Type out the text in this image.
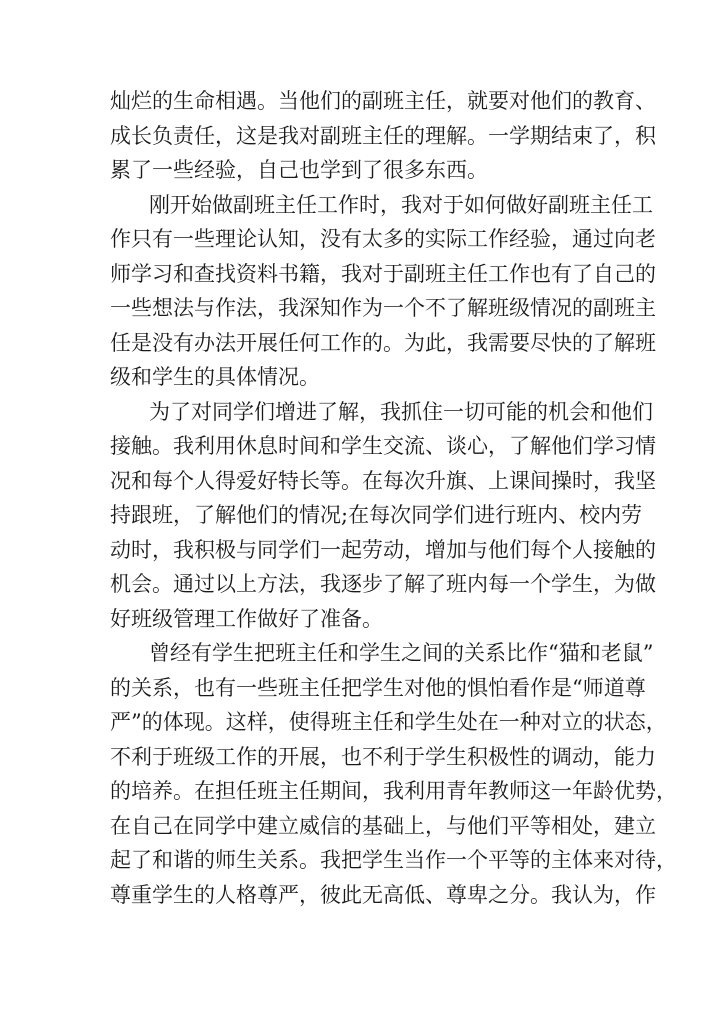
灿烂的生命相遇。当他们的副班主任，就要对他们的教育、
成长负责任，这是我对副班主任的理解。一学期结束了，积
累了一些经验，自己也学到了很多东西。
刚开始做副班主任工作时，我对于如何做好副班主任工
作只有一些理论认知，没有太多的实际工作经验，通过向老
师学习和查找资料书籍，我对于副班主任工作也有了自己的
一些想法与作法，我深知作为一个不了解班级情况的副班主
任是没有办法开展任何工作的。为此，我需要尽快的了解班
级和学生的具体情况。
为了对同学们增进了解，我抓住一切可能的机会和他们
接触。我利用休息时间和学生交流、谈心，了解他们学习情
况和每个人得爱好特长等。在每次升旗、上课间操时，我坚
持跟班，了解他们的情况;在每次同学们进行班内、校内劳
动时，我积极与同学们一起劳动，增加与他们每个人接触的
机会。通过以上方法，我逐步了解了班内每一个学生，为做
好班级管理工作做好了准备。
曾经有学生把班主任和学生之间的关系比作“猫和老鼠”
的关系，也有一些班主任把学生对他的惧怕看作是“师道尊
严”的体现。这样，使得班主任和学生处在一种对立的状态，
不利于班级工作的开展，也不利于学生积极性的调动，能力
的培养。在担任班主任期间，我利用青年教师这一年龄优势，
在自己在同学中建立威信的基础上，与他们平等相处，建立
起了和谐的师生关系。我把学生当作一个平等的主体来对待，
尊重学生的人格尊严，彼此无高低、尊卑之分。我认为，作
